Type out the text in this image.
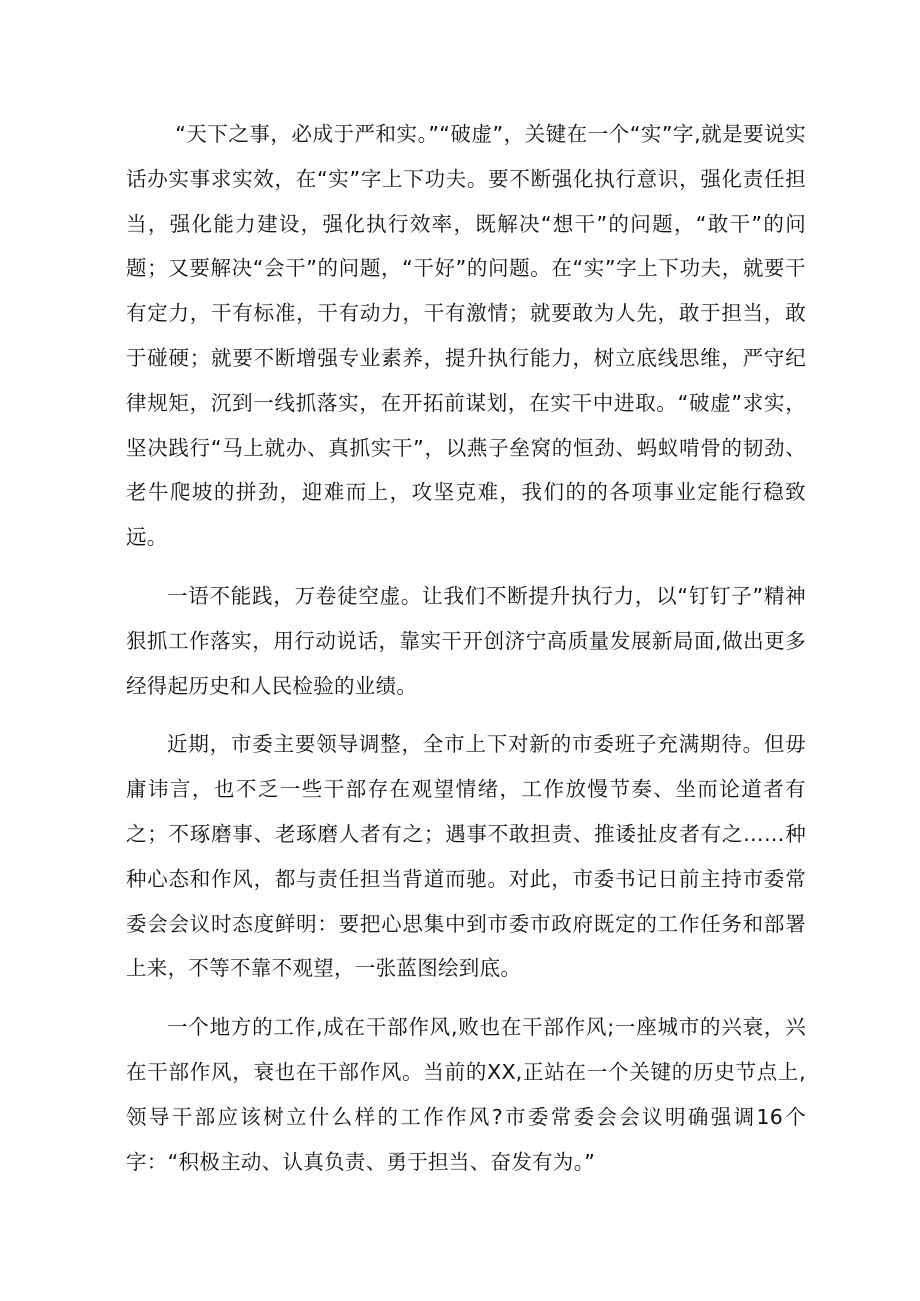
“天下之事，必成于严和实。”“破虚”，关键在一个“实”字,就是要说实话办实事求实效，在“实”字上下功夫。要不断强化执行意识，强化责任担当，强化能力建设，强化执行效率，既解决“想干”的问题，“敢干”的问题；又要解决“会干”的问题，“干好”的问题。在“实”字上下功夫，就要干有定力，干有标准，干有动力，干有激情；就要敢为人先，敢于担当，敢于碰硬；就要不断增强专业素养，提升执行能力，树立底线思维，严守纪律规矩，沉到一线抓落实，在开拓前谋划，在实干中进取。“破虚”求实，坚决践行“马上就办、真抓实干”，以燕子垒窝的恒劲、蚂蚁啃骨的韧劲、老牛爬坡的拼劲，迎难而上，攻坚克难，我们的的各项事业定能行稳致远。

一语不能践，万卷徒空虚。让我们不断提升执行力，以“钉钉子”精神狠抓工作落实，用行动说话，靠实干开创济宁高质量发展新局面,做出更多经得起历史和人民检验的业绩。

近期，市委主要领导调整，全市上下对新的市委班子充满期待。但毋庸讳言，也不乏一些干部存在观望情绪，工作放慢节奏、坐而论道者有之；不琢磨事、老琢磨人者有之；遇事不敢担责、推诿扯皮者有之……种种心态和作风，都与责任担当背道而驰。对此，市委书记日前主持市委常委会会议时态度鲜明：要把心思集中到市委市政府既定的工作任务和部署上来，不等不靠不观望，一张蓝图绘到底。

一个地方的工作,成在干部作风,败也在干部作风;一座城市的兴衰，兴在干部作风，衰也在干部作风。当前的XX,正站在一个关键的历史节点上,领导干部应该树立什么样的工作作风?市委常委会会议明确强调16个字：“积极主动、认真负责、勇于担当、奋发有为。”
